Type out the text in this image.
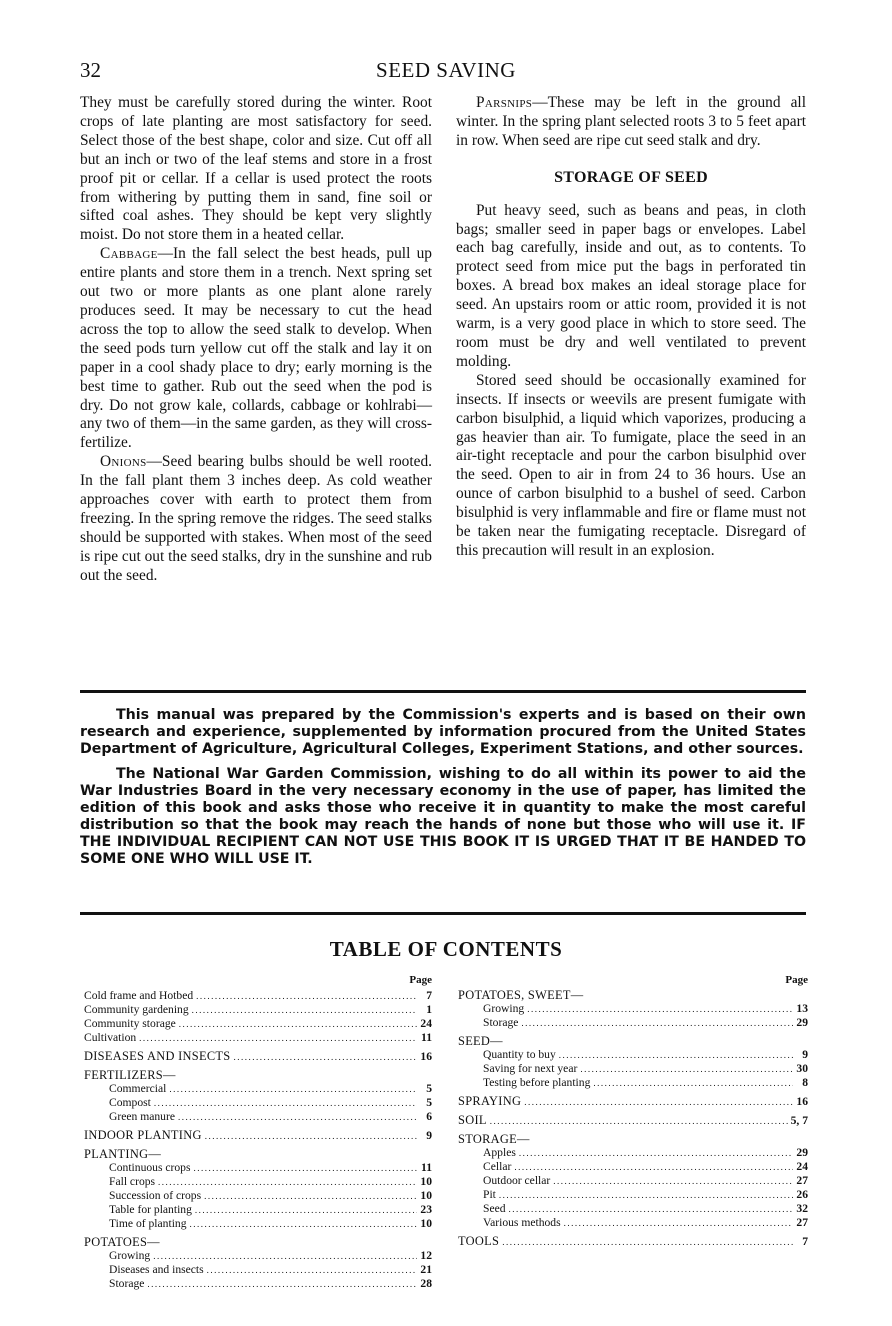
32	SEED SAVING

They must be carefully stored during the winter. Root crops of late planting are most satisfactory for seed. Select those of the best shape, color and size. Cut off all but an inch or two of the leaf stems and store in a frost proof pit or cellar. If a cellar is used protect the roots from withering by putting them in sand, fine soil or sifted coal ashes. They should be kept very slightly moist. Do not store them in a heated cellar.

Cabbage—In the fall select the best heads, pull up entire plants and store them in a trench. Next spring set out two or more plants as one plant alone rarely produces seed. It may be necessary to cut the head across the top to allow the seed stalk to develop. When the seed pods turn yellow cut off the stalk and lay it on paper in a cool shady place to dry; early morning is the best time to gather. Rub out the seed when the pod is dry. Do not grow kale, collards, cabbage or kohlrabi—any two of them—in the same garden, as they will cross-fertilize.

Onions—Seed bearing bulbs should be well rooted. In the fall plant them 3 inches deep. As cold weather approaches cover with earth to protect them from freezing. In the spring remove the ridges. The seed stalks should be supported with stakes. When most of the seed is ripe cut out the seed stalks, dry in the sunshine and rub out the seed.

Parsnips—These may be left in the ground all winter. In the spring plant selected roots 3 to 5 feet apart in row. When seed are ripe cut seed stalk and dry.

STORAGE OF SEED

Put heavy seed, such as beans and peas, in cloth bags; smaller seed in paper bags or envelopes. Label each bag carefully, inside and out, as to contents. To protect seed from mice put the bags in perforated tin boxes. A bread box makes an ideal storage place for seed. An upstairs room or attic room, provided it is not warm, is a very good place in which to store seed. The room must be dry and well ventilated to prevent molding.

Stored seed should be occasionally examined for insects. If insects or weevils are present fumigate with carbon bisulphid, a liquid which vaporizes, producing a gas heavier than air. To fumigate, place the seed in an air-tight receptacle and pour the carbon bisulphid over the seed. Open to air in from 24 to 36 hours. Use an ounce of carbon bisulphid to a bushel of seed. Carbon bisulphid is very inflammable and fire or flame must not be taken near the fumigating receptacle. Disregard of this precaution will result in an explosion.

This manual was prepared by the Commission's experts and is based on their own research and experience, supplemented by information procured from the United States Department of Agriculture, Agricultural Colleges, Experiment Stations, and other sources.

The National War Garden Commission, wishing to do all within its power to aid the War Industries Board in the very necessary economy in the use of paper, has limited the edition of this book and asks those who receive it in quantity to make the most careful distribution so that the book may reach the hands of none but those who will use it. IF THE INDIVIDUAL RECIPIENT CAN NOT USE THIS BOOK IT IS URGED THAT IT BE HANDED TO SOME ONE WHO WILL USE IT.

TABLE OF CONTENTS
Page
Cold frame and Hotbed .....	7
Community gardening .....	1
Community storage .....	24
Cultivation .....	11
DISEASES AND INSECTS .....	16
FERTILIZERS—
Commercial .....	5
Compost .....	5
Green manure .....	6
INDOOR PLANTING .....	9
PLANTING—
Continuous crops .....	11
Fall crops .....	10
Succession of crops .....	10
Table for planting .....	23
Time of planting .....	10
POTATOES—
Growing .....	12
Diseases and insects .....	21
Storage .....	28
Page
POTATOES, SWEET—
Growing .....	13
Storage .....	29
SEED—
Quantity to buy .....	9
Saving for next year .....	30
Testing before planting .....	8
SPRAYING .....	16
SOIL .....	5, 7
STORAGE—
Apples .....	29
Cellar .....	24
Outdoor cellar .....	27
Pit .....	26
Seed .....	32
Various methods .....	27
TOOLS .....	7
